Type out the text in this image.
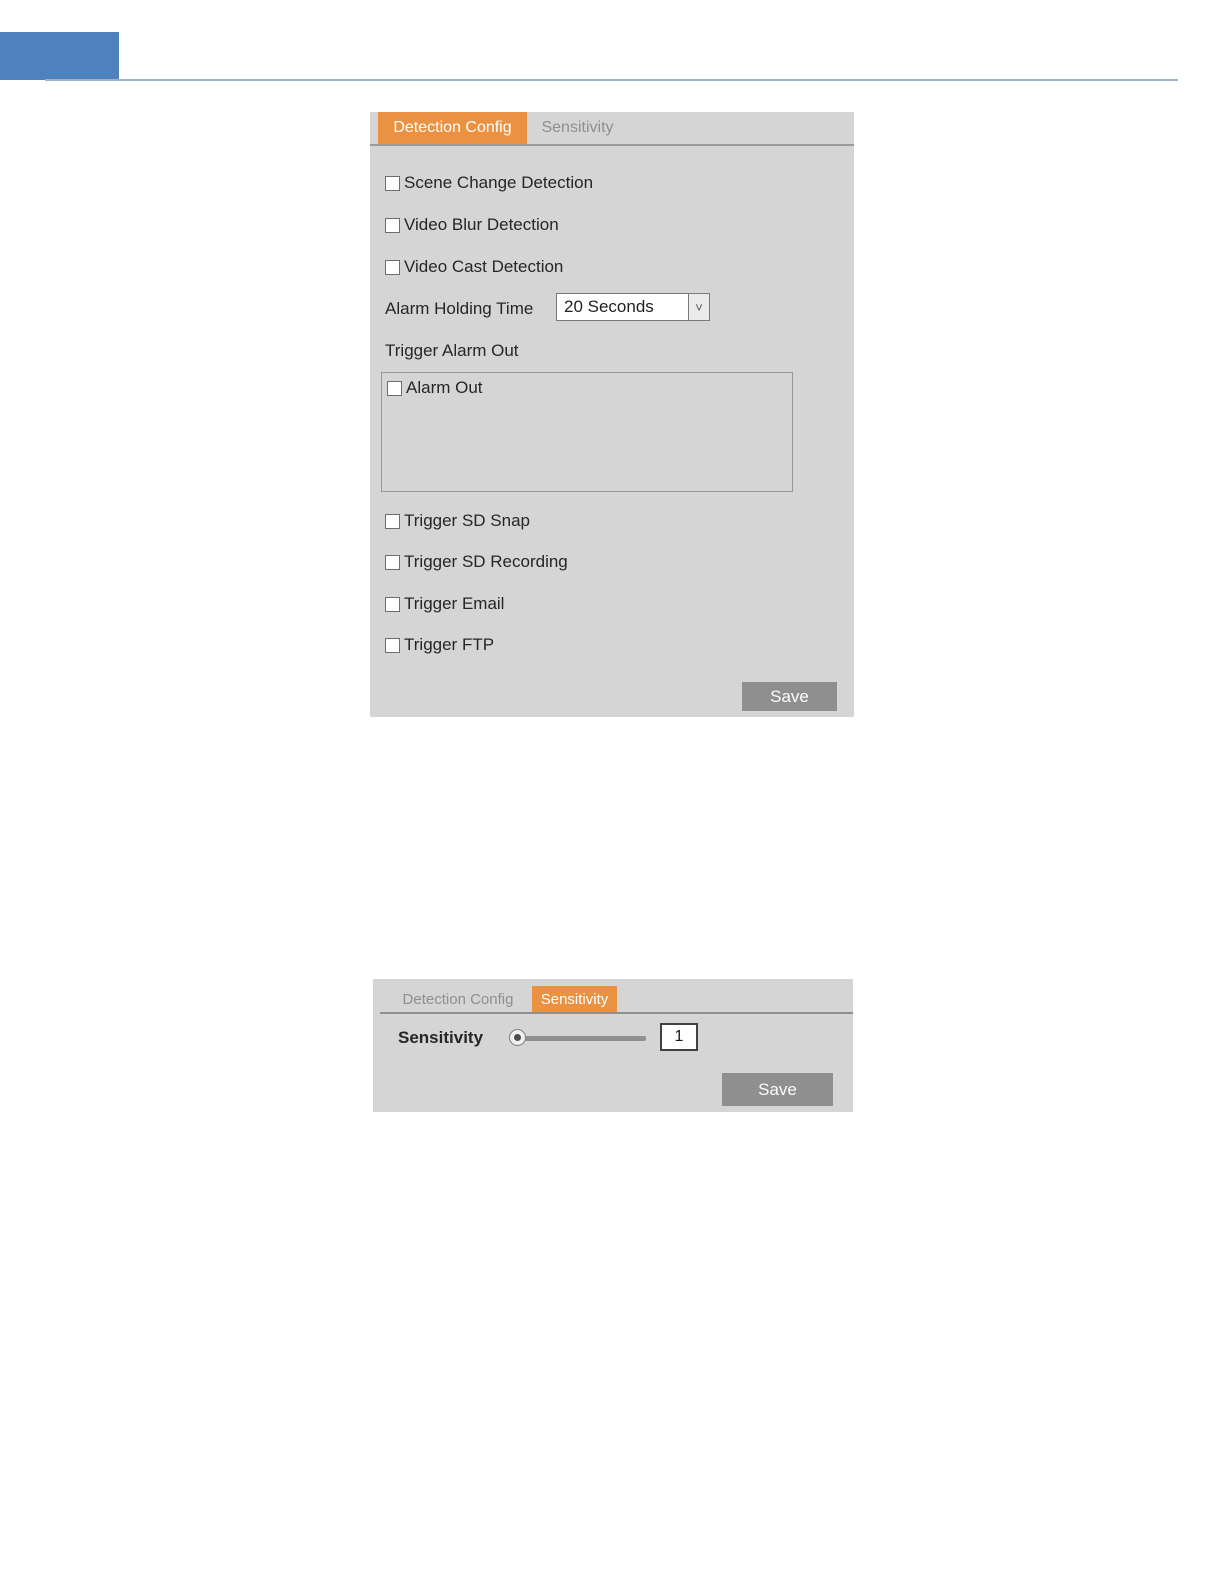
Detection Config	Sensitivity
Scene Change Detection
Video Blur Detection
Video Cast Detection
Alarm Holding Time	20 Seconds	˅
Trigger Alarm Out
Alarm Out
Trigger SD Snap
Trigger SD Recording
Trigger Email
Trigger FTP
Save
Detection Config	Sensitivity
Sensitivity	1
Save
